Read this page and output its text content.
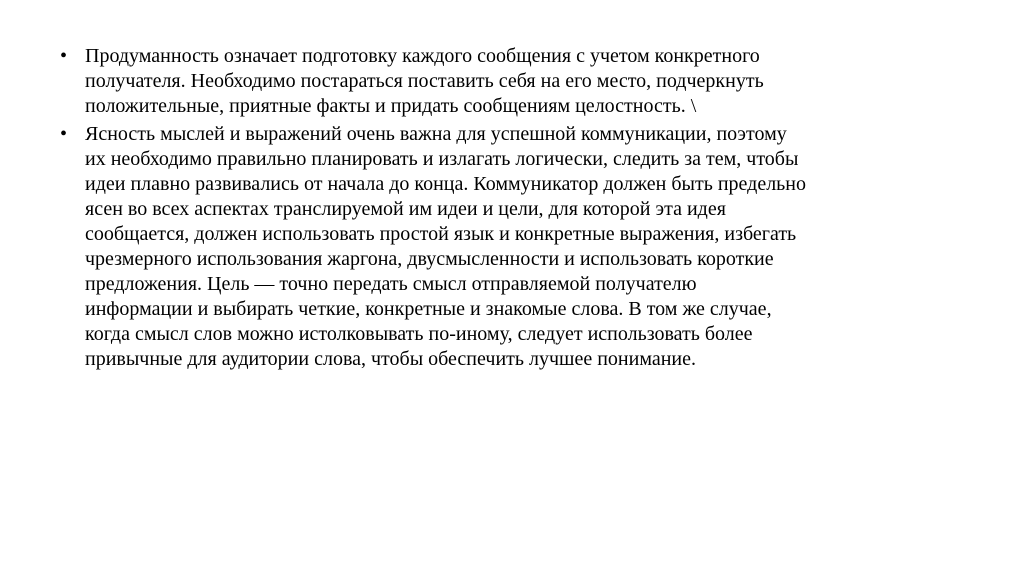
• Продуманность означает подготовку каждого сообщения с учетом конкретного
получателя. Необходимо постараться поставить себя на его место, подчеркнуть
положительные, приятные факты и придать сообщениям целостность. \
• Ясность мыслей и выражений очень важна для успешной коммуникации, поэтому
их необходимо правильно планировать и излагать логически, следить за тем, чтобы
идеи плавно развивались от начала до конца. Коммуникатор должен быть предельно
ясен во всех аспектах транслируемой им идеи и цели, для которой эта идея
сообщается, должен использовать простой язык и конкретные выражения, избегать
чрезмерного использования жаргона, двусмысленности и использовать короткие
предложения. Цель — точно передать смысл отправляемой получателю
информации и выбирать четкие, конкретные и знакомые слова. В том же случае,
когда смысл слов можно истолковывать по-иному, следует использовать более
привычные для аудитории слова, чтобы обеспечить лучшее понимание.
